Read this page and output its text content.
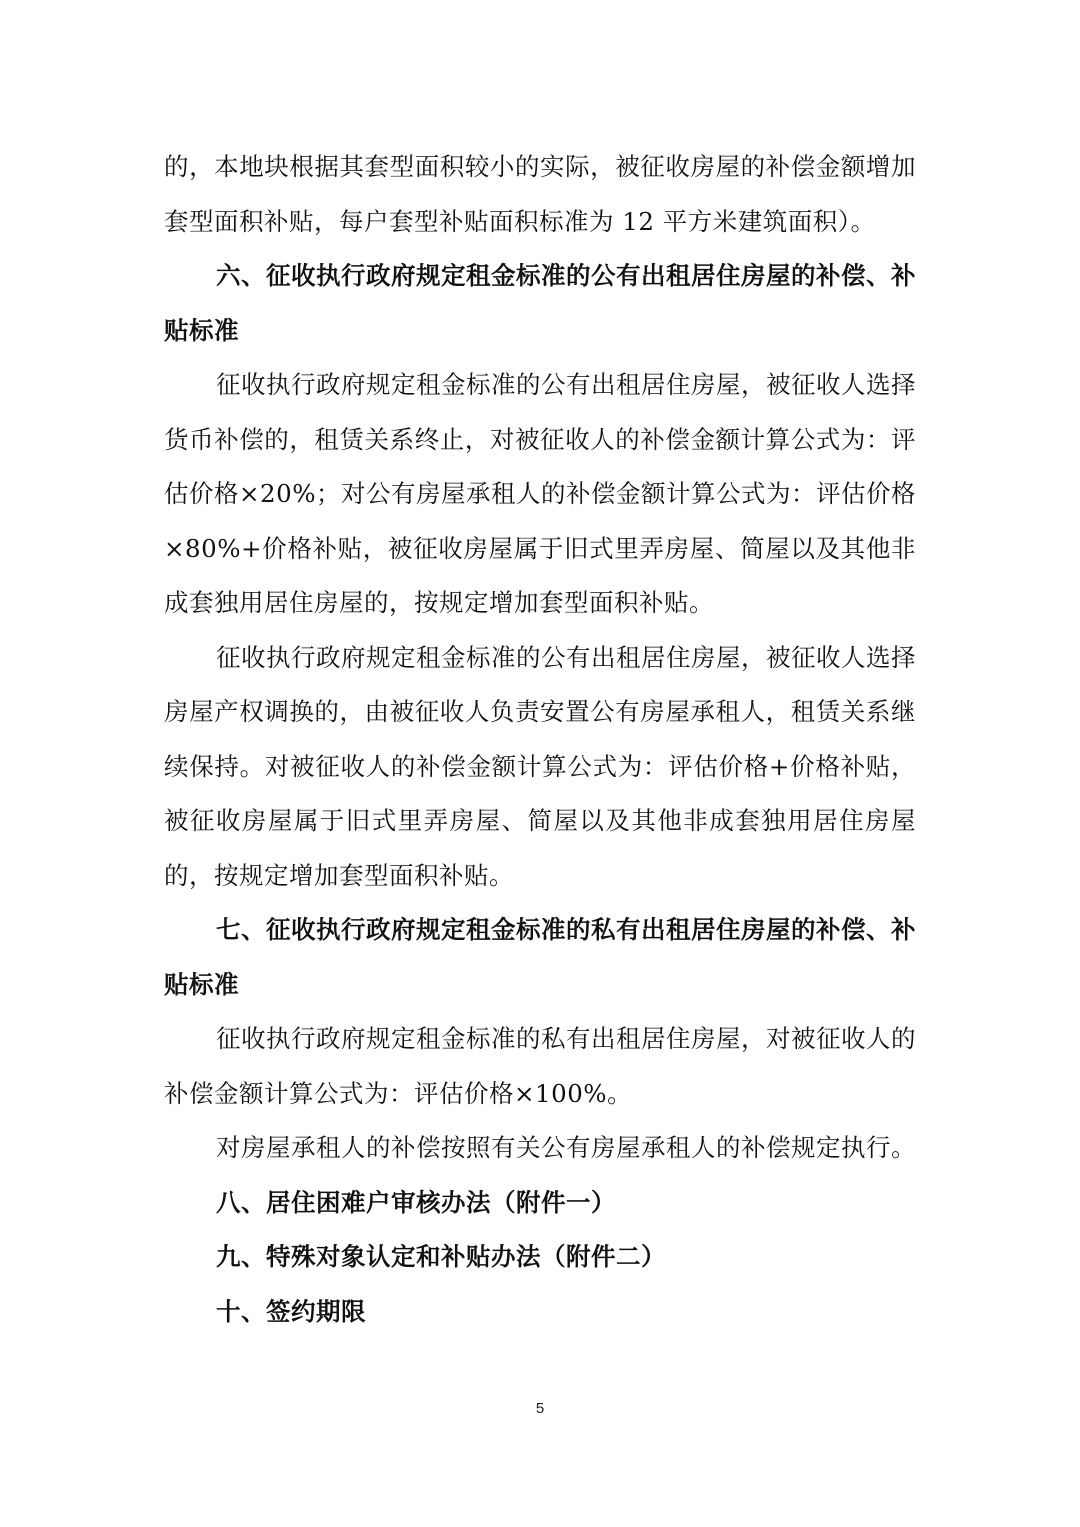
的，本地块根据其套型面积较小的实际，被征收房屋的补偿金额增加套型面积补贴，每户套型补贴面积标准为 12 平方米建筑面积）。

六、征收执行政府规定租金标准的公有出租居住房屋的补偿、补贴标准

征收执行政府规定租金标准的公有出租居住房屋，被征收人选择货币补偿的，租赁关系终止，对被征收人的补偿金额计算公式为：评估价格×20%；对公有房屋承租人的补偿金额计算公式为：评估价格×80%+价格补贴，被征收房屋属于旧式里弄房屋、简屋以及其他非成套独用居住房屋的，按规定增加套型面积补贴。

征收执行政府规定租金标准的公有出租居住房屋，被征收人选择房屋产权调换的，由被征收人负责安置公有房屋承租人，租赁关系继续保持。对被征收人的补偿金额计算公式为：评估价格+价格补贴，被征收房屋属于旧式里弄房屋、简屋以及其他非成套独用居住房屋的，按规定增加套型面积补贴。

七、征收执行政府规定租金标准的私有出租居住房屋的补偿、补贴标准

征收执行政府规定租金标准的私有出租居住房屋，对被征收人的补偿金额计算公式为：评估价格×100%。

对房屋承租人的补偿按照有关公有房屋承租人的补偿规定执行。

八、居住困难户审核办法（附件一）

九、特殊对象认定和补贴办法（附件二）

十、签约期限

5
